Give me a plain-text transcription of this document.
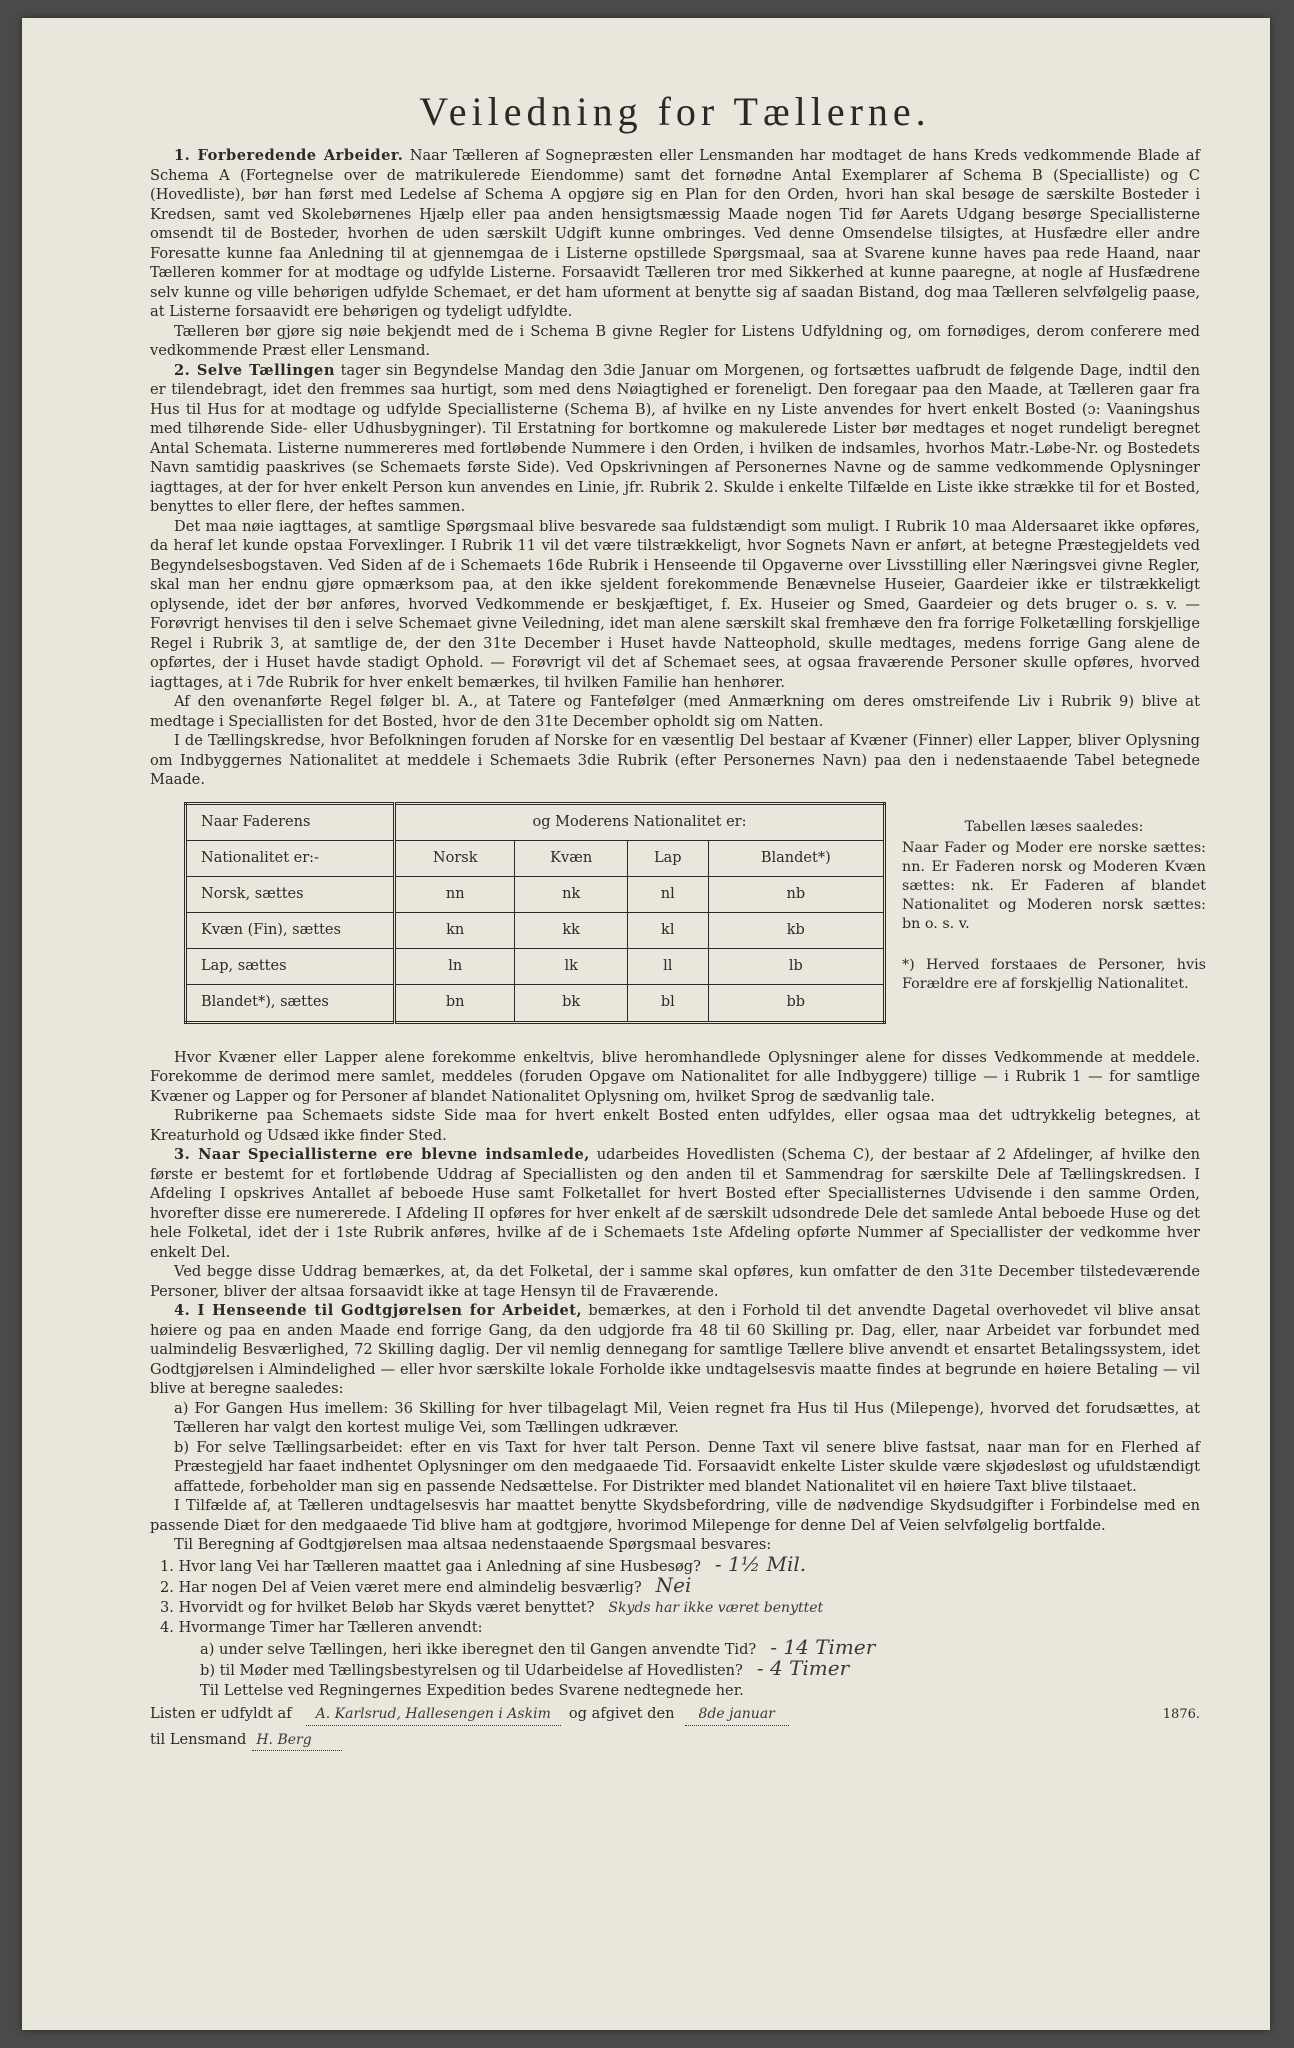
Veiledning for Tællerne.

1. Forberedende Arbeider. Naar Tælleren af Sognepræsten eller Lensmanden har modtaget de hans Kreds vedkommende Blade af Schema A (Fortegnelse over de matrikulerede Eiendomme) samt det fornødne Antal Exemplarer af Schema B (Specialliste) og C (Hovedliste), bør han først med Ledelse af Schema A opgjøre sig en Plan for den Orden, hvori han skal besøge de særskilte Bosteder i Kredsen, samt ved Skolebørnenes Hjælp eller paa anden hensigtsmæssig Maade nogen Tid før Aarets Udgang besørge Speciallisterne omsendt til de Bosteder, hvorhen de uden særskilt Udgift kunne ombringes. Ved denne Omsendelse tilsigtes, at Husfædre eller andre Foresatte kunne faa Anledning til at gjennemgaa de i Listerne opstillede Spørgsmaal, saa at Svarene kunne haves paa rede Haand, naar Tælleren kommer for at modtage og udfylde Listerne. Forsaavidt Tælleren tror med Sikkerhed at kunne paaregne, at nogle af Husfædrene selv kunne og ville behørigen udfylde Schemaet, er det ham uforment at benytte sig af saadan Bistand, dog maa Tælleren selvfølgelig paase, at Listerne forsaavidt ere behørigen og tydeligt udfyldte.

Tælleren bør gjøre sig nøie bekjendt med de i Schema B givne Regler for Listens Udfyldning og, om fornødiges, derom conferere med vedkommende Præst eller Lensmand.

2. Selve Tællingen tager sin Begyndelse Mandag den 3die Januar om Morgenen, og fortsættes uafbrudt de følgende Dage, indtil den er tilendebragt, idet den fremmes saa hurtigt, som med dens Nøiagtighed er foreneligt. Den foregaar paa den Maade, at Tælleren gaar fra Hus til Hus for at modtage og udfylde Speciallisterne (Schema B), af hvilke en ny Liste anvendes for hvert enkelt Bosted (ɔ: Vaaningshus med tilhørende Side- eller Udhusbygninger). Til Erstatning for bortkomne og makulerede Lister bør medtages et noget rundeligt beregnet Antal Schemata. Listerne nummereres med fortløbende Nummere i den Orden, i hvilken de indsamles, hvorhos Matr.-Løbe-Nr. og Bostedets Navn samtidig paaskrives (se Schemaets første Side). Ved Opskrivningen af Personernes Navne og de samme vedkommende Oplysninger iagttages, at der for hver enkelt Person kun anvendes en Linie, jfr. Rubrik 2. Skulde i enkelte Tilfælde en Liste ikke strække til for et Bosted, benyttes to eller flere, der heftes sammen.

Det maa nøie iagttages, at samtlige Spørgsmaal blive besvarede saa fuldstændigt som muligt. I Rubrik 10 maa Aldersaaret ikke opføres, da heraf let kunde opstaa Forvexlinger. I Rubrik 11 vil det være tilstrækkeligt, hvor Sognets Navn er anført, at betegne Præstegjeldets ved Begyndelsesbogstaven. Ved Siden af de i Schemaets 16de Rubrik i Henseende til Opgaverne over Livsstilling eller Næringsvei givne Regler, skal man her endnu gjøre opmærksom paa, at den ikke sjeldent forekommende Benævnelse Huseier, Gaardeier ikke er tilstrækkeligt oplysende, idet der bør anføres, hvorved Vedkommende er beskjæftiget, f. Ex. Huseier og Smed, Gaardeier og dets bruger o. s. v. — Forøvrigt henvises til den i selve Schemaet givne Veiledning, idet man alene særskilt skal fremhæve den fra forrige Folketælling forskjellige Regel i Rubrik 3, at samtlige de, der den 31te December i Huset havde Natteophold, skulle medtages, medens forrige Gang alene de opførtes, der i Huset havde stadigt Ophold. — Forøvrigt vil det af Schemaet sees, at ogsaa fraværende Personer skulle opføres, hvorved iagttages, at i 7de Rubrik for hver enkelt bemærkes, til hvilken Familie han henhører.

Af den ovenanførte Regel følger bl. A., at Tatere og Fantefølger (med Anmærkning om deres omstreifende Liv i Rubrik 9) blive at medtage i Speciallisten for det Bosted, hvor de den 31te December opholdt sig om Natten.

I de Tællingskredse, hvor Befolkningen foruden af Norske for en væsentlig Del bestaar af Kvæner (Finner) eller Lapper, bliver Oplysning om Indbyggernes Nationalitet at meddele i Schemaets 3die Rubrik (efter Personernes Navn) paa den i nedenstaaende Tabel betegnede Maade.

Naar Faderens	og Moderens Nationalitet er:			
Nationalitet er:-	Norsk	Kvæn	Lap	Blandet*)
Norsk, sættes	nn	nk	nl	nb
Kvæn (Fin), sættes	kn	kk	kl	kb
Lap, sættes	ln	lk	ll	lb
Blandet*), sættes	bn	bk	bl	bb
Tabellen læses saaledes:
Naar Fader og Moder ere norske sættes: nn. Er Faderen norsk og Moderen Kvæn sættes: nk. Er Faderen af blandet Nationalitet og Moderen norsk sættes: bn o. s. v.
*) Herved forstaaes de Personer, hvis Forældre ere af forskjellig Nationalitet.

Hvor Kvæner eller Lapper alene forekomme enkeltvis, blive heromhandlede Oplysninger alene for disses Vedkommende at meddele. Forekomme de derimod mere samlet, meddeles (foruden Opgave om Nationalitet for alle Indbyggere) tillige — i Rubrik 1 — for samtlige Kvæner og Lapper og for Personer af blandet Nationalitet Oplysning om, hvilket Sprog de sædvanlig tale.

Rubrikerne paa Schemaets sidste Side maa for hvert enkelt Bosted enten udfyldes, eller ogsaa maa det udtrykkelig betegnes, at Kreaturhold og Udsæd ikke finder Sted.

3. Naar Speciallisterne ere blevne indsamlede, udarbeides Hovedlisten (Schema C), der bestaar af 2 Afdelinger, af hvilke den første er bestemt for et fortløbende Uddrag af Speciallisten og den anden til et Sammendrag for særskilte Dele af Tællingskredsen. I Afdeling I opskrives Antallet af beboede Huse samt Folketallet for hvert Bosted efter Speciallisternes Udvisende i den samme Orden, hvorefter disse ere numererede. I Afdeling II opføres for hver enkelt af de særskilt udsondrede Dele det samlede Antal beboede Huse og det hele Folketal, idet der i 1ste Rubrik anføres, hvilke af de i Schemaets 1ste Afdeling opførte Nummer af Speciallister der vedkomme hver enkelt Del.

Ved begge disse Uddrag bemærkes, at, da det Folketal, der i samme skal opføres, kun omfatter de den 31te December tilstedeværende Personer, bliver der altsaa forsaavidt ikke at tage Hensyn til de Fraværende.

4. I Henseende til Godtgjørelsen for Arbeidet, bemærkes, at den i Forhold til det anvendte Dagetal overhovedet vil blive ansat høiere og paa en anden Maade end forrige Gang, da den udgjorde fra 48 til 60 Skilling pr. Dag, eller, naar Arbeidet var forbundet med ualmindelig Besværlighed, 72 Skilling daglig. Der vil nemlig dennegang for samtlige Tællere blive anvendt et ensartet Betalingssystem, idet Godtgjørelsen i Almindelighed — eller hvor særskilte lokale Forholde ikke undtagelsesvis maatte findes at begrunde en høiere Betaling — vil blive at beregne saaledes:

a) For Gangen Hus imellem: 36 Skilling for hver tilbagelagt Mil, Veien regnet fra Hus til Hus (Milepenge), hvorved det forudsættes, at Tælleren har valgt den kortest mulige Vei, som Tællingen udkræver.

b) For selve Tællingsarbeidet: efter en vis Taxt for hver talt Person. Denne Taxt vil senere blive fastsat, naar man for en Flerhed af Præstegjeld har faaet indhentet Oplysninger om den medgaaede Tid. Forsaavidt enkelte Lister skulde være skjødesløst og ufuldstændigt affattede, forbeholder man sig en passende Nedsættelse. For Distrikter med blandet Nationalitet vil en høiere Taxt blive tilstaaet.

I Tilfælde af, at Tælleren undtagelsesvis har maattet benytte Skydsbefordring, ville de nødvendige Skydsudgifter i Forbindelse med en passende Diæt for den medgaaede Tid blive ham at godtgjøre, hvorimod Milepenge for denne Del af Veien selvfølgelig bortfalde.

Til Beregning af Godtgjørelsen maa altsaa nedenstaaende Spørgsmaal besvares:

1. Hvor lang Vei har Tælleren maattet gaa i Anledning af sine Husbesøg? - 1½ Mil.
2. Har nogen Del af Veien været mere end almindelig besværlig? Nei
3. Hvorvidt og for hvilket Beløb har Skyds været benyttet? Skyds har ikke været benyttet
4. Hvormange Timer har Tælleren anvendt:
a) under selve Tællingen, heri ikke iberegnet den til Gangen anvendte Tid? - 14 Timer
b) til Møder med Tællingsbestyrelsen og til Udarbeidelse af Hovedlisten? - 4 Timer
Til Lettelse ved Regningernes Expedition bedes Svarene nedtegnede her.
Listen er udfyldt af	A. Karlsrud, Hallesengen i Askim	og afgivet den	8de januar	1876.
til Lensmand H. Berg
